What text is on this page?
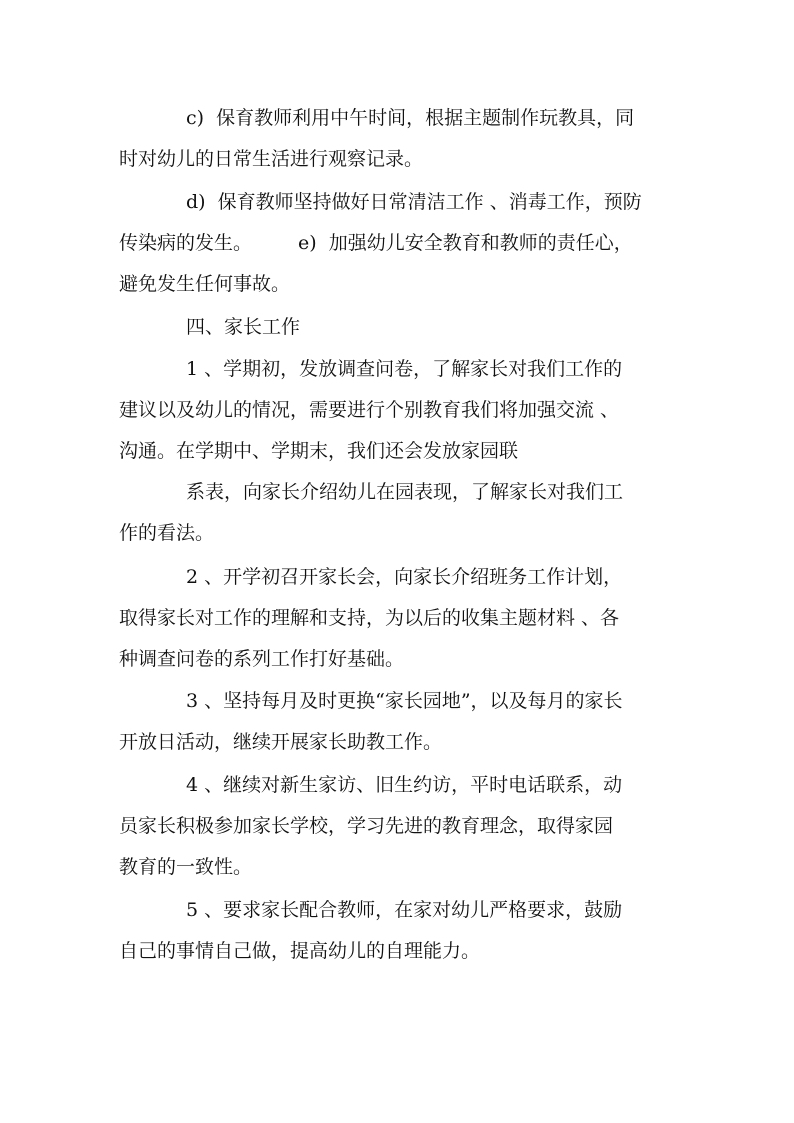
c)  保育教师利用中午时间，根据主题制作玩教具，同

时对幼儿的日常生活进行观察记录。

d)  保育教师坚持做好日常清洁工作 、消毒工作，预防

传染病的发生。 e)  加强幼儿安全教育和教师的责任心，

避免发生任何事故。

四、家长工作

1 、学期初，发放调查问卷，了解家长对我们工作的

建议以及幼儿的情况，需要进行个别教育我们将加强交流 、

沟通。在学期中、学期末，我们还会发放家园联

系表，向家长介绍幼儿在园表现，了解家长对我们工

作的看法。

2 、开学初召开家长会，向家长介绍班务工作计划，

取得家长对工作的理解和支持，为以后的收集主题材料 、各

种调查问卷的系列工作打好基础。

3 、坚持每月及时更换“家长园地”，以及每月的家长

开放日活动，继续开展家长助教工作。

4 、继续对新生家访、旧生约访，平时电话联系，动

员家长积极参加家长学校，学习先进的教育理念，取得家园

教育的一致性。

5 、要求家长配合教师，在家对幼儿严格要求，鼓励

自己的事情自己做，提高幼儿的自理能力。
